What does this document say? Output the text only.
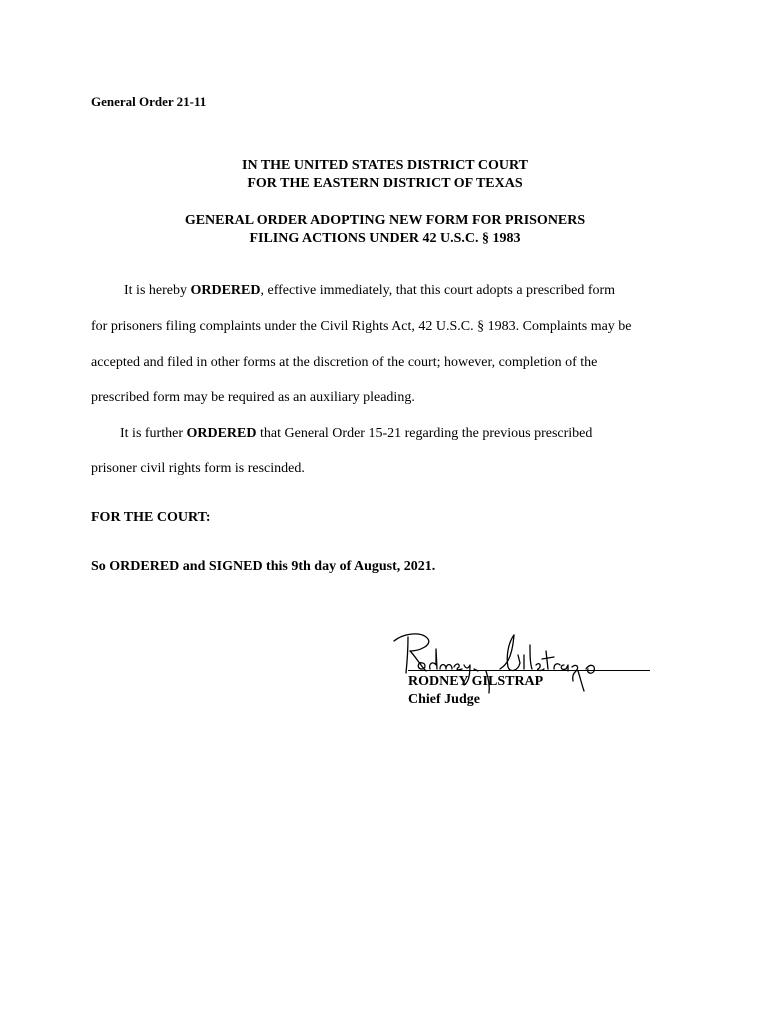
General Order 21-11
IN THE UNITED STATES DISTRICT COURT
FOR THE EASTERN DISTRICT OF TEXAS
GENERAL ORDER ADOPTING NEW FORM FOR PRISONERS
FILING ACTIONS UNDER 42 U.S.C. § 1983
It is hereby ORDERED, effective immediately, that this court adopts a prescribed form
for prisoners filing complaints under the Civil Rights Act, 42 U.S.C. § 1983. Complaints may be
accepted and filed in other forms at the discretion of the court; however, completion of the
prescribed form may be required as an auxiliary pleading.
It is further ORDERED that General Order 15-21 regarding the previous prescribed
prisoner civil rights form is rescinded.
FOR THE COURT:
So ORDERED and SIGNED this 9th day of August, 2021.
RODNEY GILSTRAP
Chief Judge
